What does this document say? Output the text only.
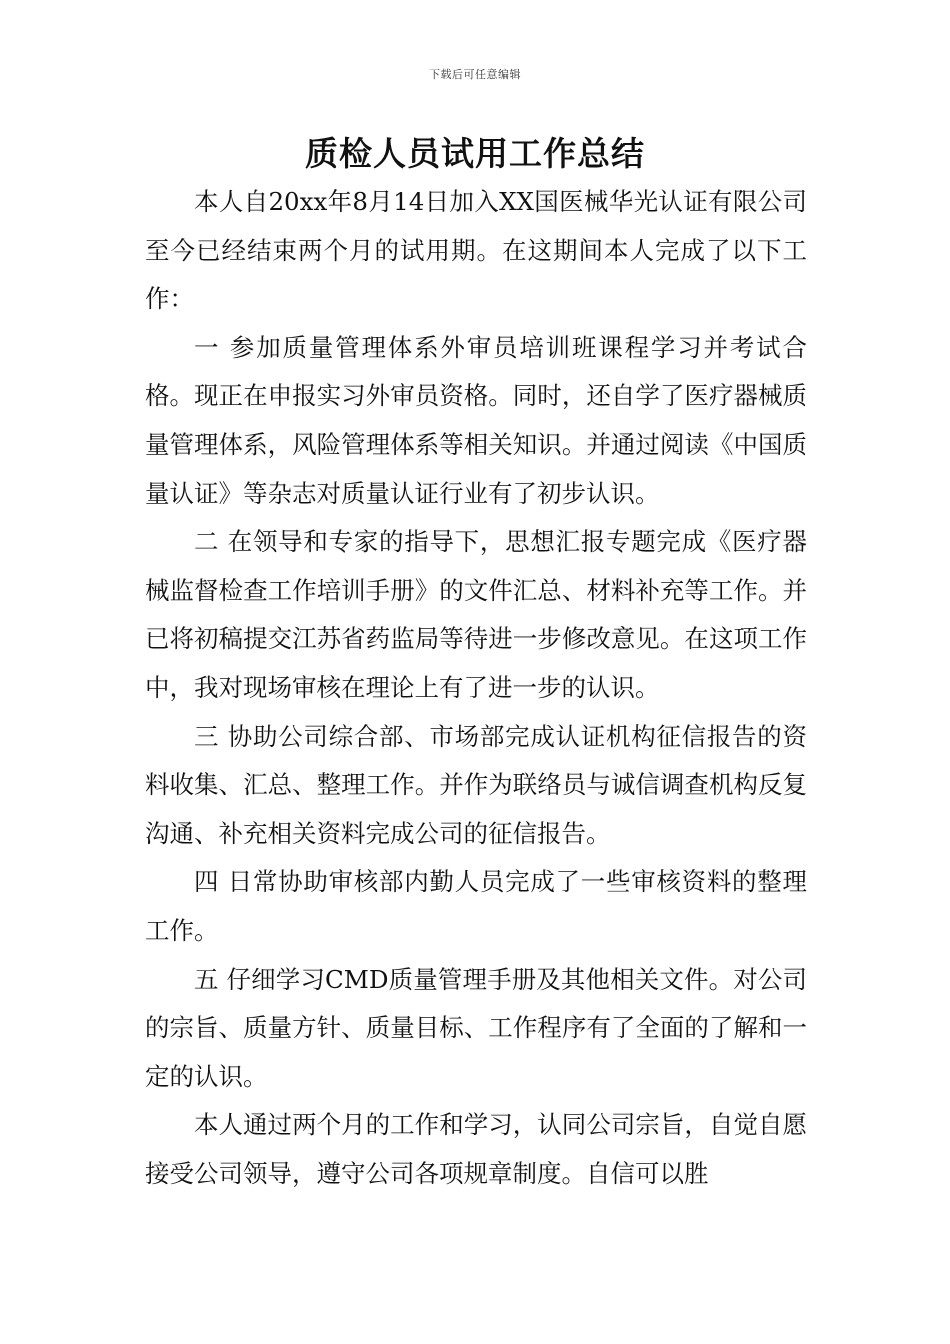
下载后可任意编辑
质检人员试用工作总结

本人自20xx年8月14日加入XX国医械华光认证有限公司至今已经结束两个月的试用期。在这期间本人完成了以下工作：

一 参加质量管理体系外审员培训班课程学习并考试合格。现正在申报实习外审员资格。同时，还自学了医疗器械质量管理体系，风险管理体系等相关知识。并通过阅读《中国质量认证》等杂志对质量认证行业有了初步认识。

二 在领导和专家的指导下，思想汇报专题完成《医疗器械监督检查工作培训手册》的文件汇总、材料补充等工作。并已将初稿提交江苏省药监局等待进一步修改意见。在这项工作中，我对现场审核在理论上有了进一步的认识。

三 协助公司综合部、市场部完成认证机构征信报告的资料收集、汇总、整理工作。并作为联络员与诚信调查机构反复沟通、补充相关资料完成公司的征信报告。

四 日常协助审核部内勤人员完成了一些审核资料的整理工作。

五 仔细学习CMD质量管理手册及其他相关文件。对公司的宗旨、质量方针、质量目标、工作程序有了全面的了解和一定的认识。

本人通过两个月的工作和学习，认同公司宗旨，自觉自愿接受公司领导，遵守公司各项规章制度。自信可以胜
